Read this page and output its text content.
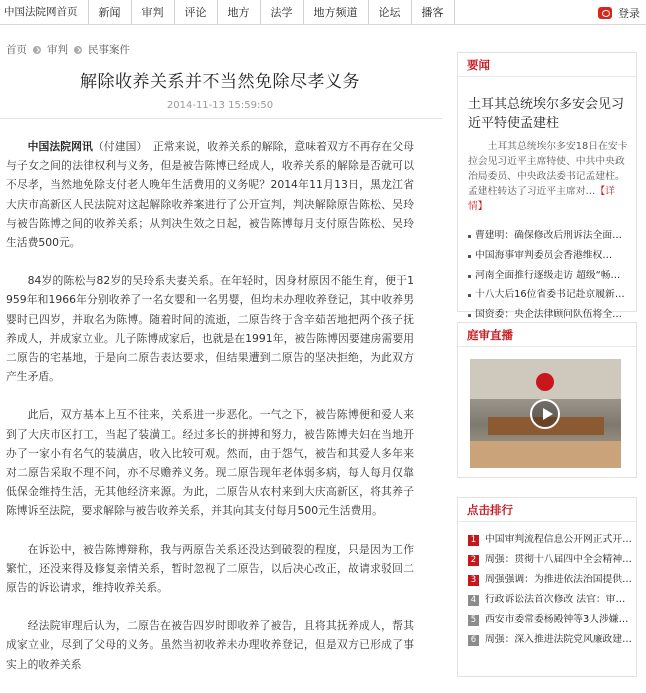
中国法院网首页	新闻	审判	评论	地方	法学	地方频道	论坛	播客	登录
首页 审判 民事案件
解除收养关系并不当然免除尽孝义务
2014-11-13 15:59:50

中国法院网讯（付建国）　正常来说，收养关系的解除，意味着双方不再存在父母与子女之间的法律权利与义务，但是被告陈博已经成人，收养关系的解除是否就可以不尽孝，当然地免除支付老人晚年生活费用的义务呢？2014年11月13日，黑龙江省大庆市高新区人民法院对这起解除收养案进行了公开宣判，判决解除原告陈松、吴玲与被告陈博之间的收养关系；从判决生效之日起，被告陈博每月支付原告陈松、吴玲生活费500元。

84岁的陈松与82岁的吴玲系夫妻关系。在年轻时，因身材原因不能生育，便于1959年和1966年分别收养了一名女婴和一名男婴，但均未办理收养登记，其中收养男婴时已四岁，并取名为陈博。随着时间的流逝，二原告终于含辛茹苦地把两个孩子抚养成人，并成家立业。儿子陈博成家后，也就是在1991年，被告陈博因要建房需要用二原告的宅基地，于是向二原告表达要求，但结果遭到二原告的坚决拒绝，为此双方产生矛盾。

此后，双方基本上互不往来，关系进一步恶化。一气之下，被告陈博便和爱人来到了大庆市区打工，当起了装潢工。经过多长的拼搏和努力，被告陈博夫妇在当地开办了一家小有名气的装潢店，收入比较可观。然而，由于怨气，被告和其爱人多年来对二原告采取不理不问，亦不尽赡养义务。现二原告现年老体弱多病，每人每月仅靠低保金维持生活，无其他经济来源。为此，二原告从农村来到大庆高新区，将其养子陈博诉至法院，要求解除与被告收养关系，并其向其支付每月500元生活费用。

在诉讼中，被告陈博辩称，我与两原告关系还没达到破裂的程度，只是因为工作繁忙，还没来得及修复亲情关系，暂时忽视了二原告，以后决心改正，故请求驳回二原告的诉讼请求，维持收养关系。

经法院审理后认为，二原告在被告四岁时即收养了被告，且将其抚养成人，帮其成家立业，尽到了父母的义务。虽然当初收养未办理收养登记，但是双方已形成了事实上的收养关系

要闻
土耳其总统埃尔多安会见习近平特使孟建柱
土耳其总统埃尔多安18日在安卡拉会见习近平主席特使、中共中央政治局委员、中央政法委书记孟建柱。孟建柱转达了习近平主席对…【详情】
曹建明：确保修改后刑诉法全面…
中国海事审判委员会香港维权…
河南全面推行逐级走访 超级“畅…
十八大后16位省委书记赴京履新…
国资委：央企法律顾问队伍将全…
庭审直播
点击排行
1 中国审判流程信息公开网正式开…
2 周强：贯彻十八届四中全会精神…
3 周强强调：为推进依法治国提供…
4 行政诉讼法首次修改 法官：审…
5 西安市委常委杨殿钟等3人涉嫌…
6 周强：深入推进法院党风廉政建…
